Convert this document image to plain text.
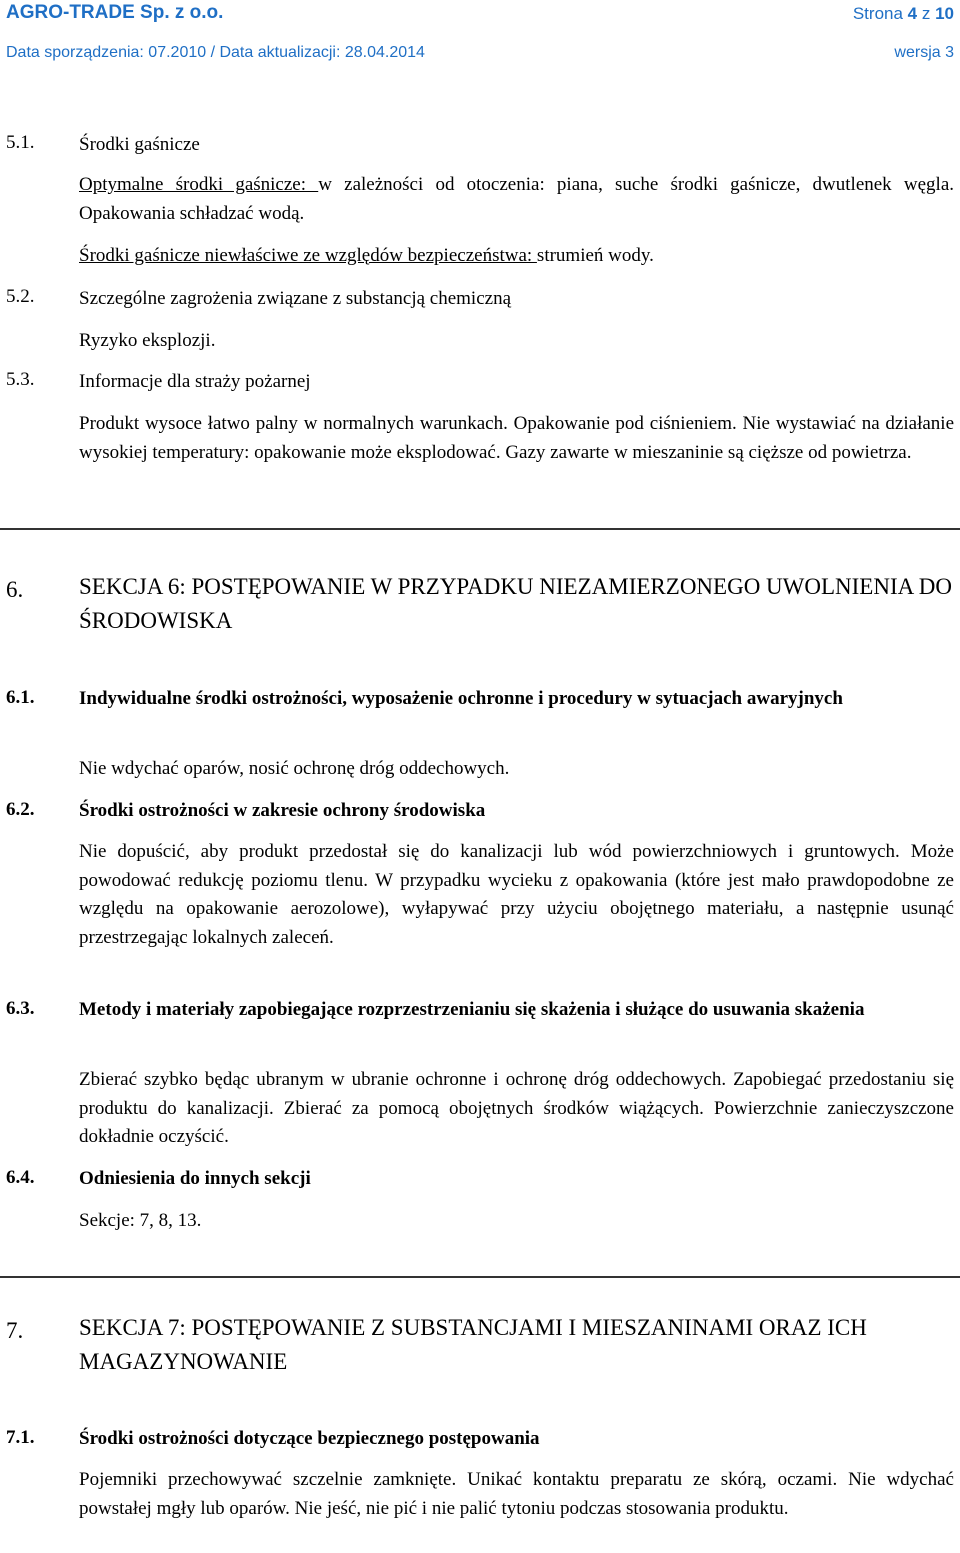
AGRO-TRADE Sp. z o.o.	Strona 4 z 10
Data sporządzenia: 07.2010 / Data aktualizacji: 28.04.2014	wersja 3
5.1. Środki gaśnicze
Optymalne środki gaśnicze: w zależności od otoczenia: piana, suche środki gaśnicze, dwutlenek węgla. Opakowania schładzać wodą.
Środki gaśnicze niewłaściwe ze względów bezpieczeństwa: strumień wody.
5.2. Szczególne zagrożenia związane z substancją chemiczną
Ryzyko eksplozji.
5.3. Informacje dla straży pożarnej
Produkt wysoce łatwo palny w normalnych warunkach. Opakowanie pod ciśnieniem. Nie wystawiać na działanie wysokiej temperatury: opakowanie może eksplodować. Gazy zawarte w mieszaninie są cięższe od powietrza.
6. SEKCJA 6: POSTĘPOWANIE W PRZYPADKU NIEZAMIERZONEGO UWOLNIENIA DO ŚRODOWISKA
6.1. Indywidualne środki ostrożności, wyposażenie ochronne i procedury w sytuacjach awaryjnych
Nie wdychać oparów, nosić ochronę dróg oddechowych.
6.2. Środki ostrożności w zakresie ochrony środowiska
Nie dopuścić, aby produkt przedostał się do kanalizacji lub wód powierzchniowych i gruntowych. Może powodować redukcję poziomu tlenu. W przypadku wycieku z opakowania (które jest mało prawdopodobne ze względu na opakowanie aerozolowe), wyłapywać przy użyciu obojętnego materiału, a następnie usunąć przestrzegając lokalnych zaleceń.
6.3. Metody i materiały zapobiegające rozprzestrzenianiu się skażenia i służące do usuwania skażenia
Zbierać szybko będąc ubranym w ubranie ochronne i ochronę dróg oddechowych. Zapobiegać przedostaniu się produktu do kanalizacji. Zbierać za pomocą obojętnych środków wiążących. Powierzchnie zanieczyszczone dokładnie oczyścić.
6.4. Odniesienia do innych sekcji
Sekcje: 7, 8, 13.
7. SEKCJA 7: POSTĘPOWANIE Z SUBSTANCJAMI I MIESZANINAMI ORAZ ICH MAGAZYNOWANIE
7.1. Środki ostrożności dotyczące bezpiecznego postępowania
Pojemniki przechowywać szczelnie zamknięte. Unikać kontaktu preparatu ze skórą, oczami. Nie wdychać powstałej mgły lub oparów. Nie jeść, nie pić i nie palić tytoniu podczas stosowania produktu.
